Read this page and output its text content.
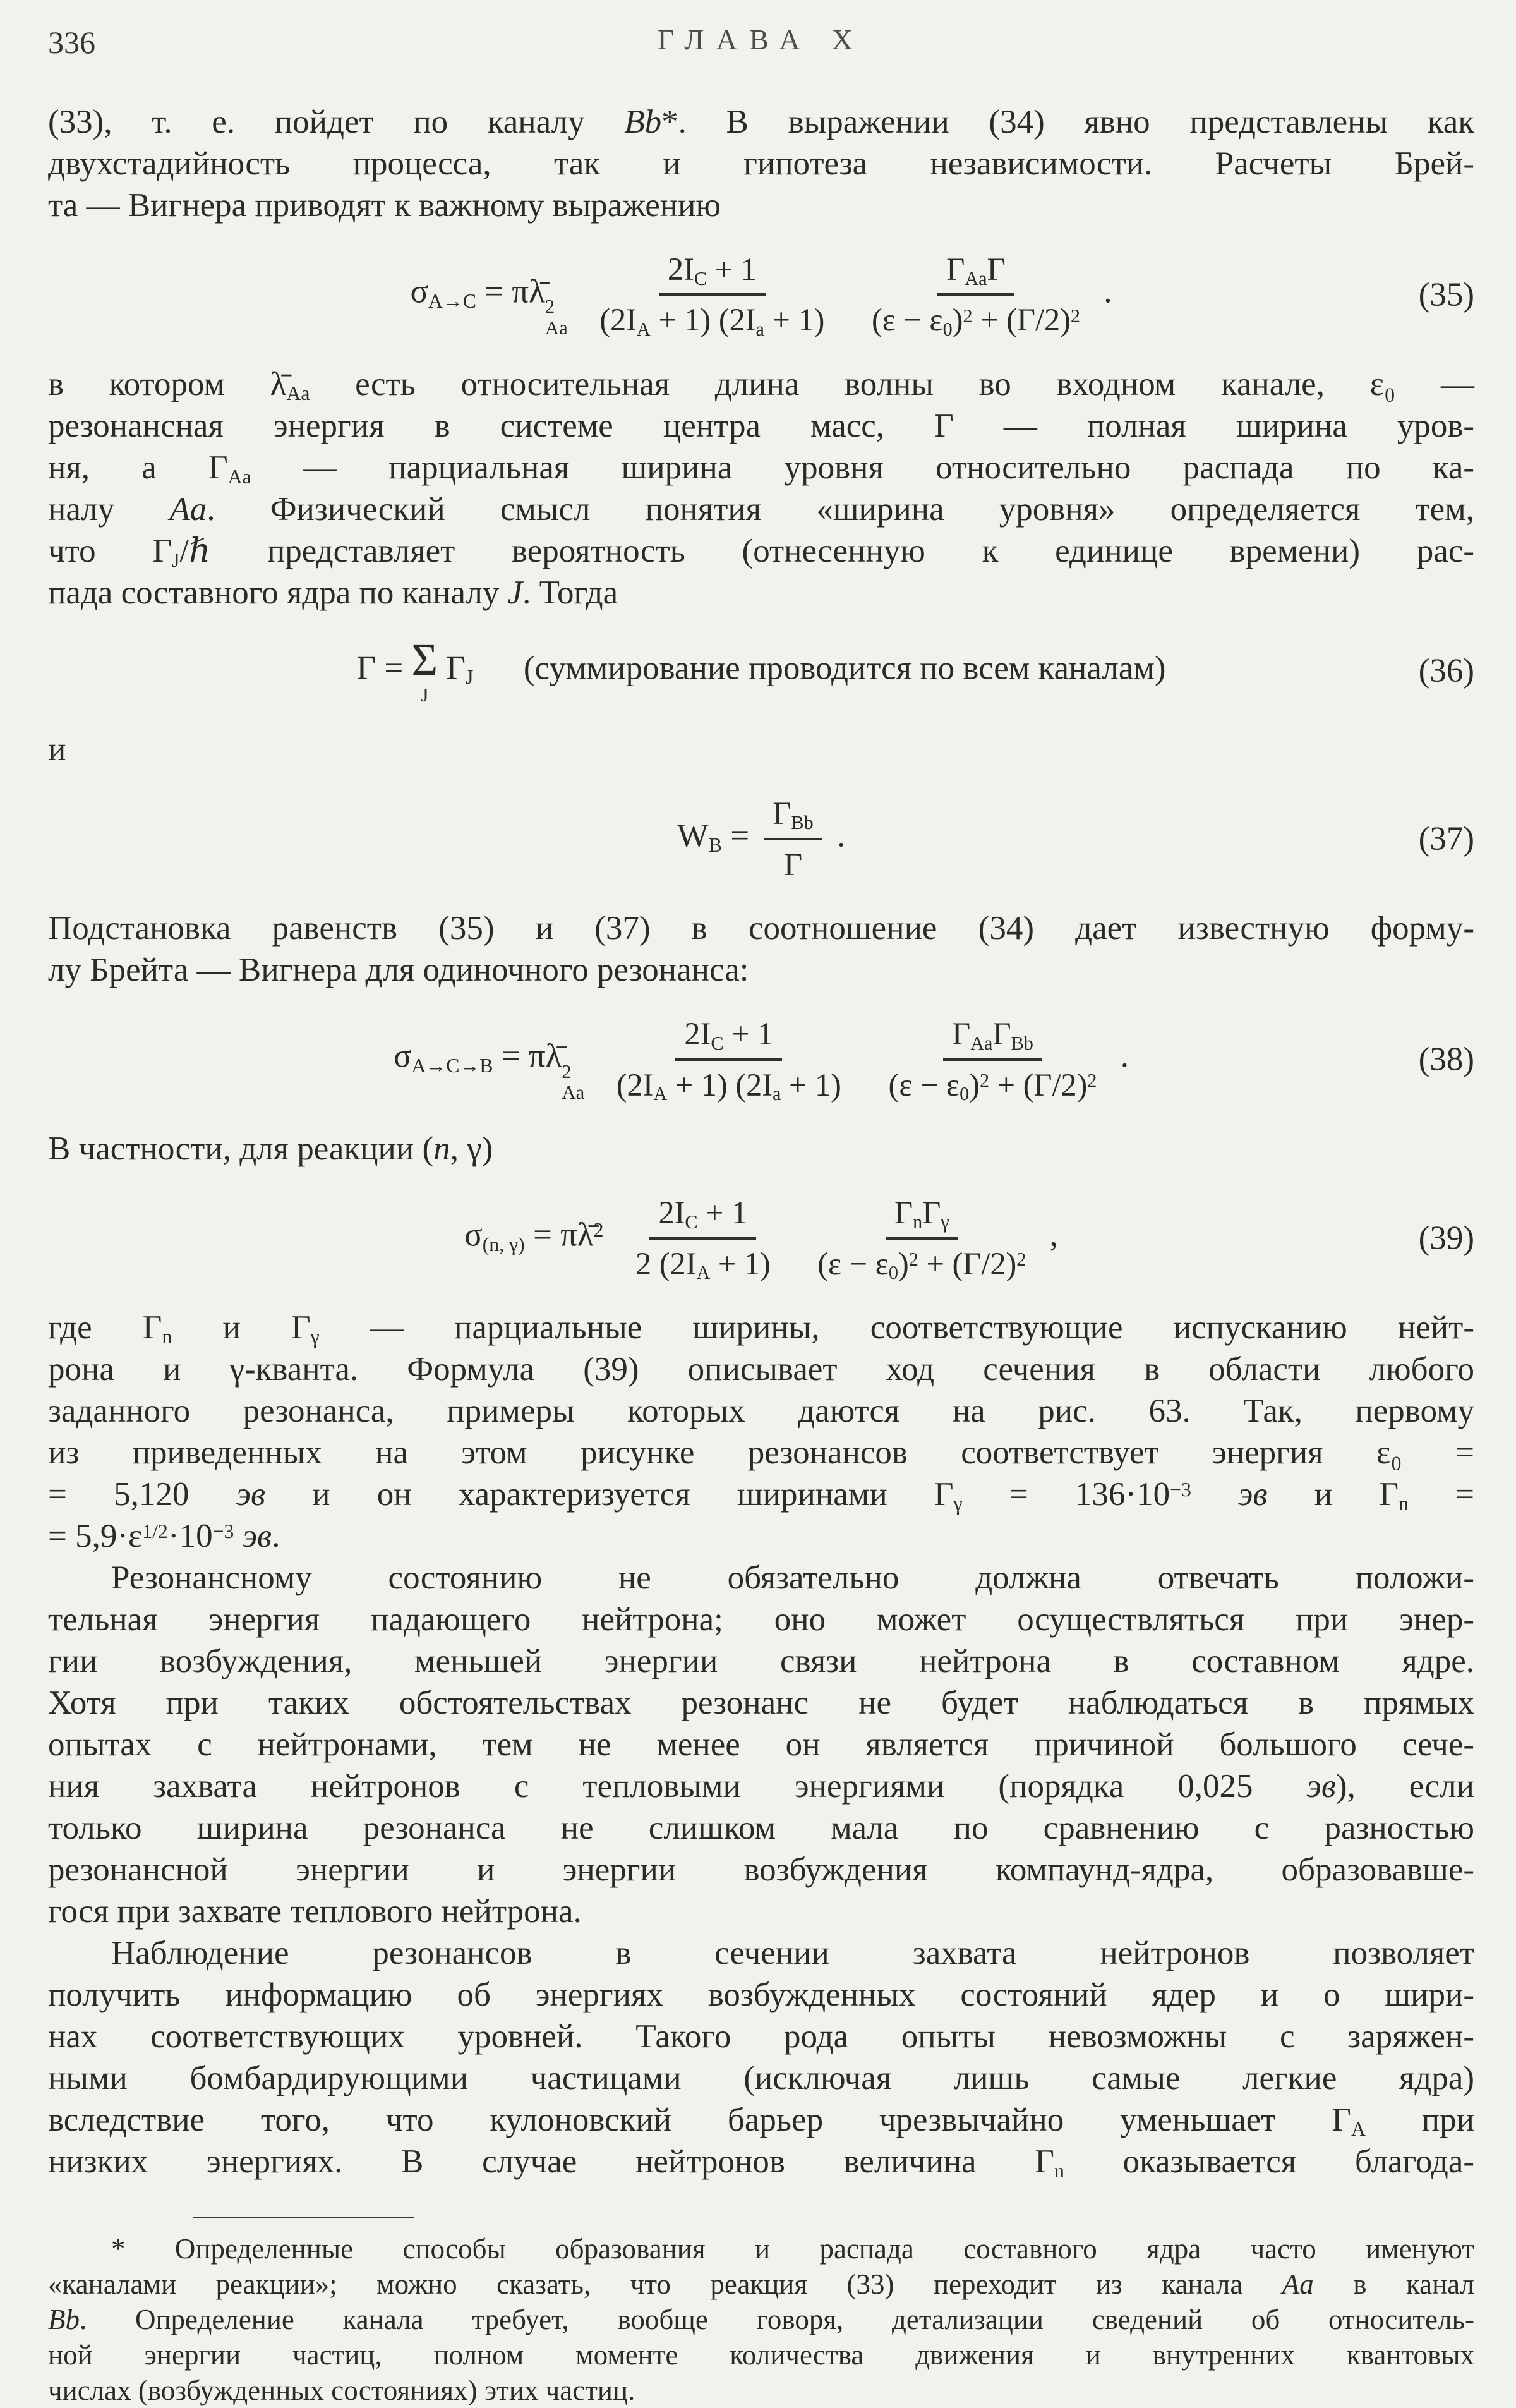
336	ГЛАВА X
(33), т. е. пойдет по каналу Bb*. В выражении (34) явно представлены как
двухстадийность процесса, так и гипотеза независимости. Расчеты Брей-
та — Вигнера приводят к важному выражению
$\sigma_{A\to C}$ = πλ̄ 2
Aa
$\frac{2I_C + 1}{(2I_A + 1) (2I_a + 1)}$
$\frac{\Gamma_{Aa}\Gamma}{(\varepsilon - \varepsilon_0)^2 + (\Gamma/2)^2}$ .	(35)
в котором $\lambdā_{Aa}$ есть относительная длина волны во входном канале, ε₀ —
резонансная энергия в системе центра масс, Γ — полная ширина уров-
ня, а $\Gamma_{Aa}$ — парциальная ширина уровня относительно распада по ка-
налу Aa. Физический смысл понятия «ширина уровня» определяется тем,
что $\Gamma_J/\hbar$ представляет вероятность (отнесенную к единице времени) рас-
пада составного ядра по каналу J. Тогда
Γ = Σ
J
$\Gamma_J$      (суммирование проводится по всем каналам)	(36)
и
$W_B = \frac{\Gamma_{Bb}}{\Gamma}$ .	(37)
Подстановка равенств (35) и (37) в соотношение (34) дает известную форму-
лу Брейта — Вигнера для одиночного резонанса:
$\sigma_{A\to C\to B}$ = πλ̄ 2
Aa
$\frac{2I_C + 1}{(2I_A + 1) (2I_a + 1)}$
$\frac{\Gamma_{Aa}\Gamma_{Bb}}{(\varepsilon - \varepsilon_0)^2 + (\Gamma/2)^2}$ .	(38)
В частности, для реакции (n, γ)
$\sigma_{(n, \gamma)}$ = πλ̄$^2$ $\frac{2I_C + 1}{2 (2I_A + 1)}$
$\frac{\Gamma_n\Gamma_\gamma}{(\varepsilon - \varepsilon_0)^2 + (\Gamma/2)^2}$ ,	(39)
где $\Gamma_n$ и $\Gamma_\gamma$ — парциальные ширины, соответствующие испусканию нейт-
рона и γ-кванта. Формула (39) описывает ход сечения в области любого
заданного резонанса, примеры которых даются на рис. 63. Так, первому
из приведенных на этом рисунке резонансов соответствует энергия ε₀ =
= 5,120 эв и он характеризуется ширинами $\Gamma_\gamma = 136\cdot 10^{-3}$ эв и $\Gamma_n$ =
= $5,9\cdot\varepsilon^{1/2}\cdot 10^{-3}$ эв.
Резонансному состоянию не обязательно должна отвечать положи-
тельная энергия падающего нейтрона; оно может осуществляться при энер-
гии возбуждения, меньшей энергии связи нейтрона в составном ядре.
Хотя при таких обстоятельствах резонанс не будет наблюдаться в прямых
опытах с нейтронами, тем не менее он является причиной большого сече-
ния захвата нейтронов с тепловыми энергиями (порядка 0,025 эв), если
только ширина резонанса не слишком мала по сравнению с разностью
резонансной энергии и энергии возбуждения компаунд-ядра, образовавше-
гося при захвате теплового нейтрона.
Наблюдение резонансов в сечении захвата нейтронов позволяет
получить информацию об энергиях возбужденных состояний ядер и о шири-
нах соответствующих уровней. Такого рода опыты невозможны с заряжен-
ными бомбардирующими частицами (исключая лишь самые легкие ядра)
вследствие того, что кулоновский барьер чрезвычайно уменьшает $\Gamma_A$ при
низких энергиях. В случае нейтронов величина $\Gamma_n$ оказывается благода-
* Определенные способы образования и распада составного ядра часто именуют
«каналами реакции»; можно сказать, что реакция (33) переходит из канала Aa в канал
Bb. Определение канала требует, вообще говоря, детализации сведений об относитель-
ной энергии частиц, полном моменте количества движения и внутренних квантовых
числах (возбужденных состояниях) этих частиц.
